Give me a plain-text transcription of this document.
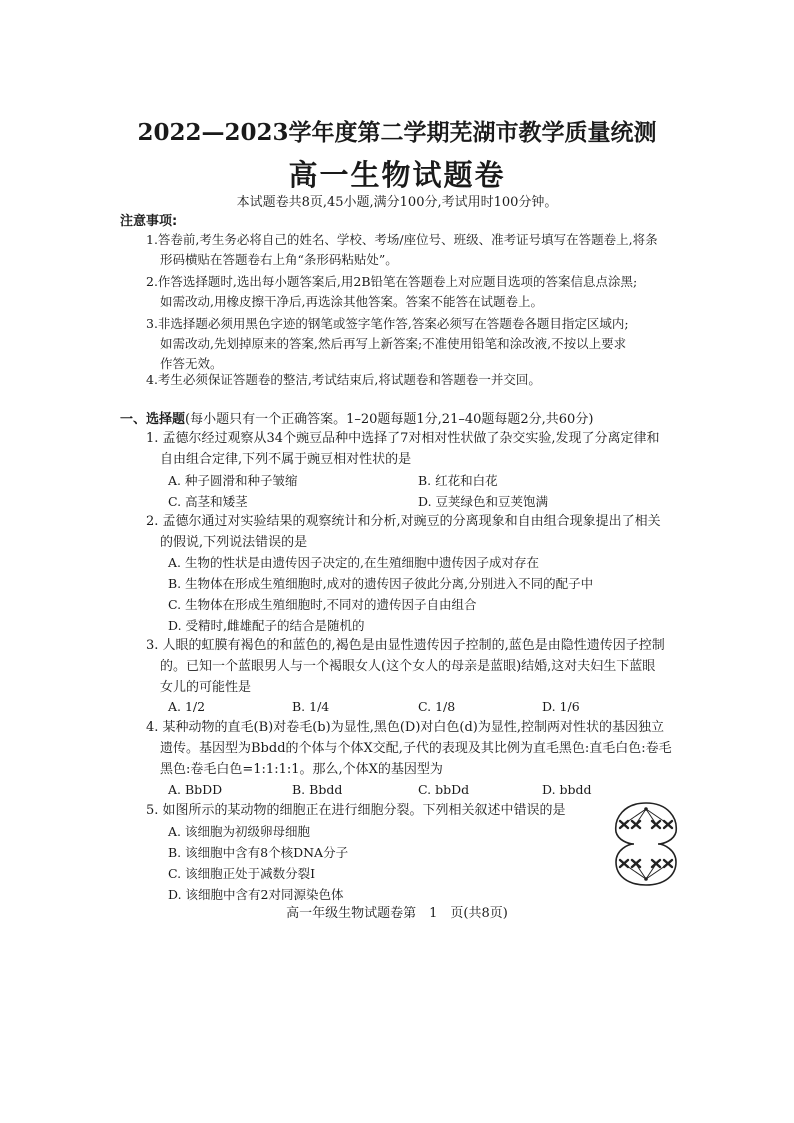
2022—2023学年度第二学期芜湖市教学质量统测
高一生物试题卷
本试题卷共8页,45小题,满分100分,考试用时100分钟。
注意事项:
1.答卷前,考生务必将自己的姓名、学校、考场/座位号、班级、准考证号填写在答题卷上,将条
形码横贴在答题卷右上角“条形码粘贴处”。
2.作答选择题时,选出每小题答案后,用2B铅笔在答题卷上对应题目选项的答案信息点涂黑;
如需改动,用橡皮擦干净后,再选涂其他答案。答案不能答在试题卷上。
3.非选择题必须用黑色字迹的钢笔或签字笔作答,答案必须写在答题卷各题目指定区域内;
如需改动,先划掉原来的答案,然后再写上新答案;不准使用铅笔和涂改液,不按以上要求
作答无效。
4.考生必须保证答题卷的整洁,考试结束后,将试题卷和答题卷一并交回。
一、选择题(每小题只有一个正确答案。1–20题每题1分,21–40题每题2分,共60分)
1. 孟德尔经过观察从34个豌豆品种中选择了7对相对性状做了杂交实验,发现了分离定律和
自由组合定律,下列不属于豌豆相对性状的是
A. 种子圆滑和种子皱缩	B. 红花和白花
C. 高茎和矮茎	D. 豆荚绿色和豆荚饱满
2. 孟德尔通过对实验结果的观察统计和分析,对豌豆的分离现象和自由组合现象提出了相关
的假说,下列说法错误的是
A. 生物的性状是由遗传因子决定的,在生殖细胞中遗传因子成对存在
B. 生物体在形成生殖细胞时,成对的遗传因子彼此分离,分别进入不同的配子中
C. 生物体在形成生殖细胞时,不同对的遗传因子自由组合
D. 受精时,雌雄配子的结合是随机的
3. 人眼的虹膜有褐色的和蓝色的,褐色是由显性遗传因子控制的,蓝色是由隐性遗传因子控制
的。已知一个蓝眼男人与一个褐眼女人(这个女人的母亲是蓝眼)结婚,这对夫妇生下蓝眼
女儿的可能性是
A. 1/2	B. 1/4	C. 1/8	D. 1/6
4. 某种动物的直毛(B)对卷毛(b)为显性,黑色(D)对白色(d)为显性,控制两对性状的基因独立
遗传。基因型为Bbdd的个体与个体X交配,子代的表现及其比例为直毛黑色:直毛白色:卷毛
黑色:卷毛白色=1:1:1:1。那么,个体X的基因型为
A. BbDD	B. Bbdd	C. bbDd	D. bbdd
5. 如图所示的某动物的细胞正在进行细胞分裂。下列相关叙述中错误的是
A. 该细胞为初级卵母细胞
B. 该细胞中含有8个核DNA分子
C. 该细胞正处于减数分裂Ⅰ
D. 该细胞中含有2对同源染色体
高一年级生物试题卷第　1　页(共8页)
